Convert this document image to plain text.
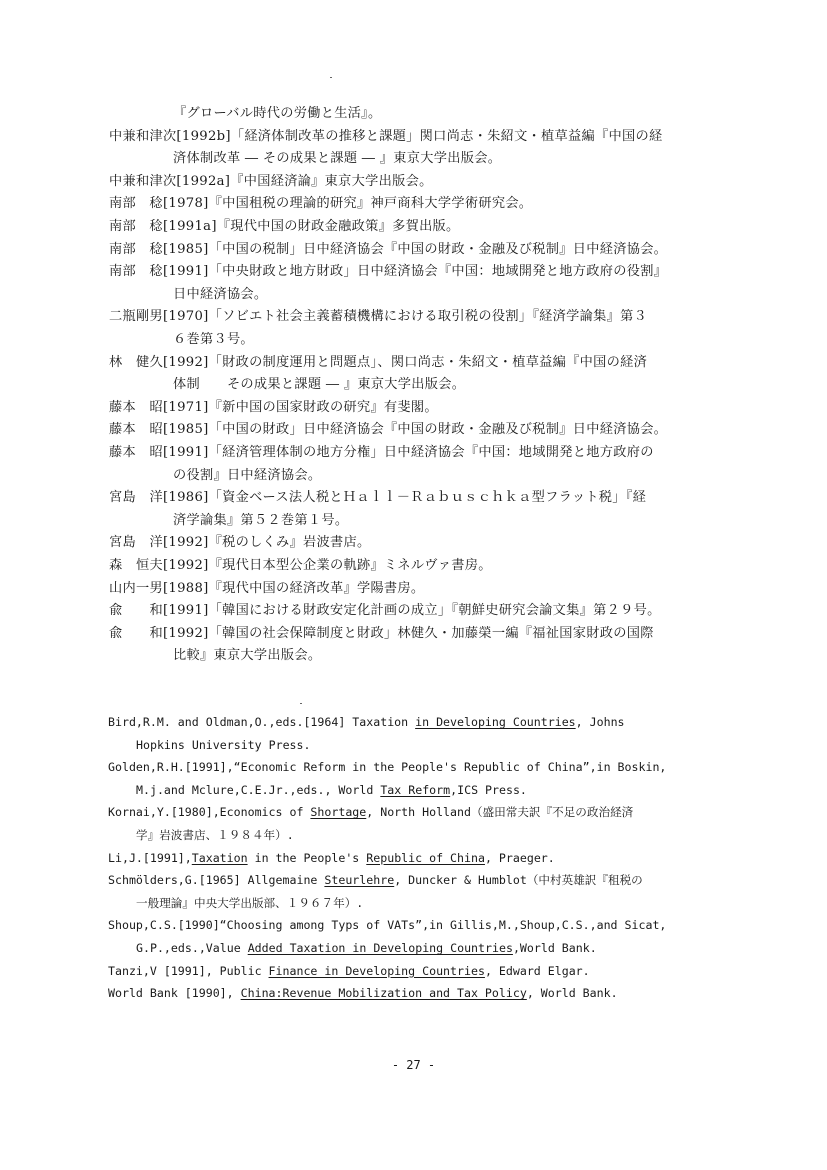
『グローバル時代の労働と生活』。
中兼和津次[1992b]「経済体制改革の推移と課題」関口尚志・朱紹文・植草益編『中国の経
済体制改革 ― その成果と課題 ― 』東京大学出版会。
中兼和津次[1992a]『中国経済論』東京大学出版会。
南部　稔[1978]『中国租税の理論的研究』神戸商科大学学術研究会。
南部　稔[1991a]『現代中国の財政金融政策』多賀出版。
南部　稔[1985]「中国の税制」日中経済協会『中国の財政・金融及び税制』日中経済協会。
南部　稔[1991]「中央財政と地方財政」日中経済協会『中国：地域開発と地方政府の役割』
日中経済協会。
二瓶剛男[1970]「ソビエト社会主義蓄積機構における取引税の役割」『経済学論集』第３
６巻第３号。
林　健久[1992]「財政の制度運用と問題点」、関口尚志・朱紹文・植草益編『中国の経済
体制　　その成果と課題 ― 』東京大学出版会。
藤本　昭[1971]『新中国の国家財政の研究』有斐閣。
藤本　昭[1985]「中国の財政」日中経済協会『中国の財政・金融及び税制』日中経済協会。
藤本　昭[1991]「経済管理体制の地方分権」日中経済協会『中国：地域開発と地方政府の
の役割』日中経済協会。
宮島　洋[1986]「資金ベース法人税とＨａｌｌ－Ｒａｂｕｓｃｈｋａ型フラット税」『経
済学論集』第５２巻第１号。
宮島　洋[1992]『税のしくみ』岩波書店。
森　恒夫[1992]『現代日本型公企業の軌跡』ミネルヴァ書房。
山内一男[1988]『現代中国の経済改革』学陽書房。
兪　　和[1991]「韓国における財政安定化計画の成立」『朝鮮史研究会論文集』第２９号。
兪　　和[1992]「韓国の社会保障制度と財政」林健久・加藤榮一編『福祉国家財政の国際
比較』東京大学出版会。
Bird,R.M. and Oldman,O.,eds.[1964] Taxation in Developing Countries, Johns
Hopkins University Press.
Golden,R.H.[1991],“Economic Reform in the People's Republic of China”,in Boskin,
M.j.and Mclure,C.E.Jr.,eds., World Tax Reform,ICS Press.
Kornai,Y.[1980],Economics of Shortage, North Holland（盛田常夫訳『不足の政治経済
学』岩波書店、１９８４年）.
Li,J.[1991],Taxation in the People's Republic of China, Praeger.
Schmölders,G.[1965] Allgemaine Steurlehre, Duncker & Humblot（中村英雄訳『租税の
一般理論』中央大学出版部、１９６７年）.
Shoup,C.S.[1990]“Choosing among Typs of VATs”,in Gillis,M.,Shoup,C.S.,and Sicat,
G.P.,eds.,Value Added Taxation in Developing Countries,World Bank.
Tanzi,V [1991], Public Finance in Developing Countries, Edward Elgar.
World Bank [1990], China:Revenue Mobilization and Tax Policy, World Bank.
- 27 -
